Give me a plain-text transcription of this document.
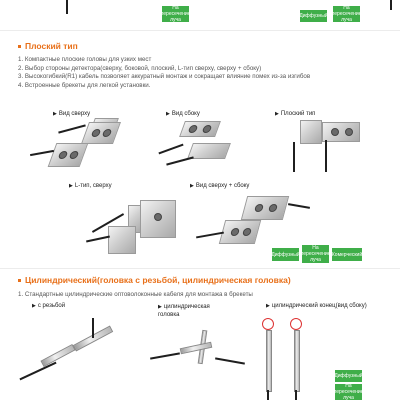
На пересечение луча
Диффузный
На пересечение луча
Плоский тип
1. Компактные плоские головы для узких мест
2. Выбор стороны детектора(сверху, боковой, плоский, L-тип сверху, сверху + сбоку)
3. Высокогибкий(R1) кабель позволяет аккуратный монтаж и сокращает влияние помех из-за изгибов
4. Встроенные брекеты для легкой установки.
▶ Вид сверху	▶ Вид сбоку	▶ Плоский тип
▶ L-тип, сверху	▶ Вид сверху + сбоку
Диффузный
На пересечение луча
Комерческий
Цилиндрический(головка с резьбой, цилиндрическая головка)
1. Стандартные цилиндрические оптоволоконные кабеля для монтажа в брекеты
▶ с резьбой	▶ цилиндрическая головка
▶ цилиндрический конец(вид сбоку)
Диффузный
На пересечение луча
